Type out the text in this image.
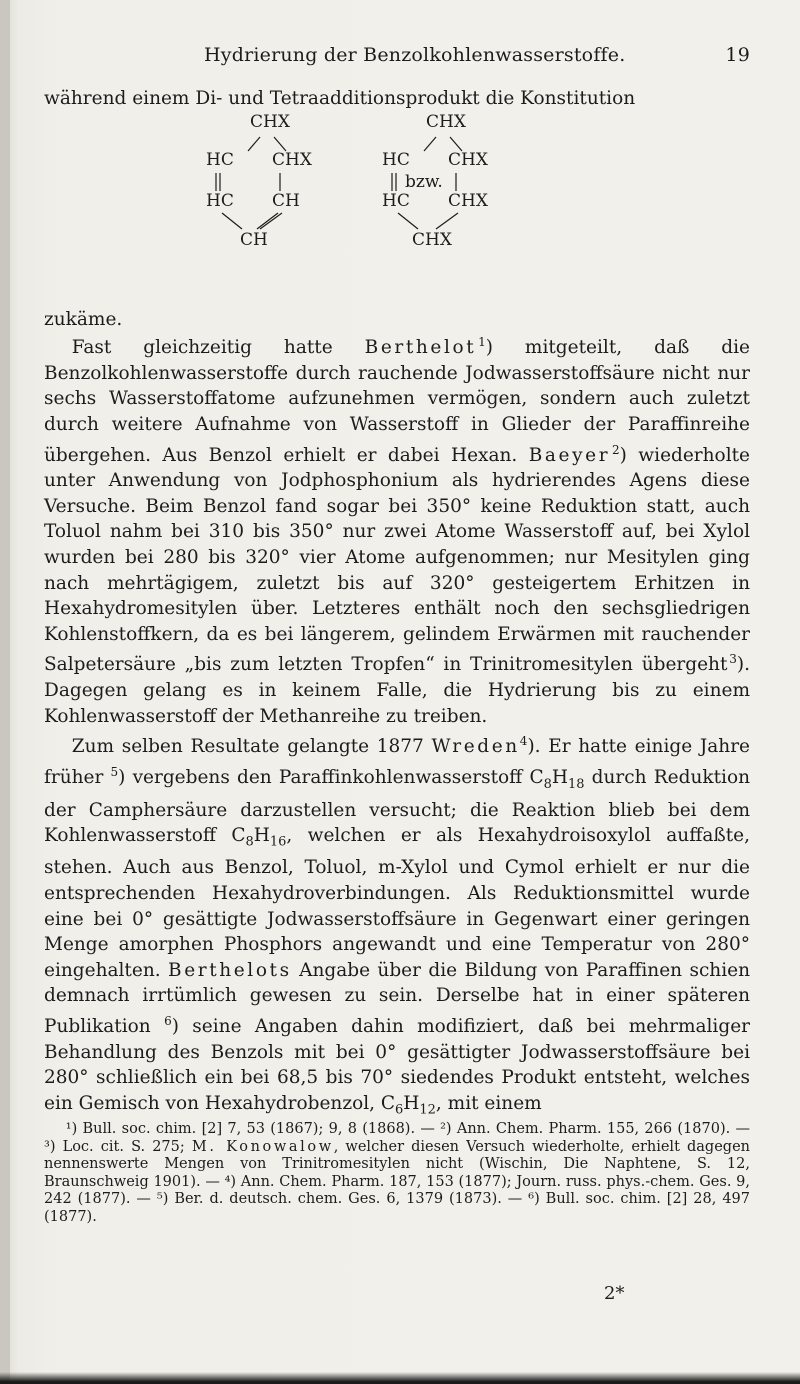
Hydrierung der Benzolkohlenwasserstoffe.	19
während einem Di- und Tetraadditionsprodukt die Konstitution
CHX
HC CHX
HC CH
CH
CHX
HC CHX
HC CHX
CHX
bzw.
zukäme.

Fast gleichzeitig hatte Berthelot  $^1$) mitgeteilt, daß die Benzolkohlenwasserstoffe durch rauchende Jodwasserstoffsäure nicht nur sechs Wasserstoffatome aufzunehmen vermögen, sondern auch zuletzt durch weitere Aufnahme von Wasserstoff in Glieder der Paraffinreihe übergehen. Aus Benzol erhielt er dabei Hexan. Baeyer  $^2$) wiederholte unter Anwendung von Jodphosphonium als hydrierendes Agens diese Versuche. Beim Benzol fand sogar bei 350° keine Reduktion statt, auch Toluol nahm bei 310 bis 350° nur zwei Atome Wasserstoff auf, bei Xylol wurden bei 280 bis 320° vier Atome aufgenommen; nur Mesitylen ging nach mehrtägigem, zuletzt bis auf 320° gesteigertem Erhitzen in Hexahydromesitylen über. Letzteres enthält noch den sechsgliedrigen Kohlenstoffkern, da es bei längerem, gelindem Erwärmen mit rauchender Salpetersäure „bis zum letzten Tropfen“ in Trinitromesitylen übergeht  $^3$). Dagegen gelang es in keinem Falle, die Hydrierung bis zu einem Kohlenwasserstoff der Methanreihe zu treiben.

Zum selben Resultate gelangte 1877 Wreden$^4$). Er hatte einige Jahre früher $^5$) vergebens den Paraffinkohlenwasserstoff $C_8H_{18}$ durch Reduktion der Camphersäure darzustellen versucht; die Reaktion blieb bei dem Kohlenwasserstoff $C_8H_{16}$, welchen er als Hexahydroisoxylol auffaßte, stehen. Auch aus Benzol, Toluol, m-Xylol und Cymol erhielt er nur die entsprechenden Hexahydroverbindungen. Als Reduktionsmittel wurde eine bei 0° gesättigte Jodwasserstoffsäure in Gegenwart einer geringen Menge amorphen Phosphors angewandt und eine Temperatur von 280° eingehalten. Berthelots Angabe über die Bildung von Paraffinen schien demnach irrtümlich gewesen zu sein. Derselbe hat in einer späteren Publikation $^6$) seine Angaben dahin modifiziert, daß bei mehrmaliger Behandlung des Benzols mit bei 0° gesättigter Jodwasserstoffsäure bei 280° schließlich ein bei 68,5 bis 70° siedendes Produkt entsteht, welches ein Gemisch von Hexahydrobenzol, $C_6H_{12}$, mit einem

¹) Bull. soc. chim. [2] 7, 53 (1867); 9, 8 (1868). — ²) Ann. Chem. Pharm. 155, 266 (1870). — ³) Loc. cit. S. 275; M. Konowalow, welcher diesen Versuch wiederholte, erhielt dagegen nennenswerte Mengen von Trinitromesitylen nicht (Wischin, Die Naphtene, S. 12, Braunschweig 1901). — ⁴) Ann. Chem. Pharm. 187, 153 (1877); Journ. russ. phys.-chem. Ges. 9, 242 (1877). — ⁵) Ber. d. deutsch. chem. Ges. 6, 1379 (1873). — ⁶) Bull. soc. chim. [2] 28, 497 (1877).

2*
